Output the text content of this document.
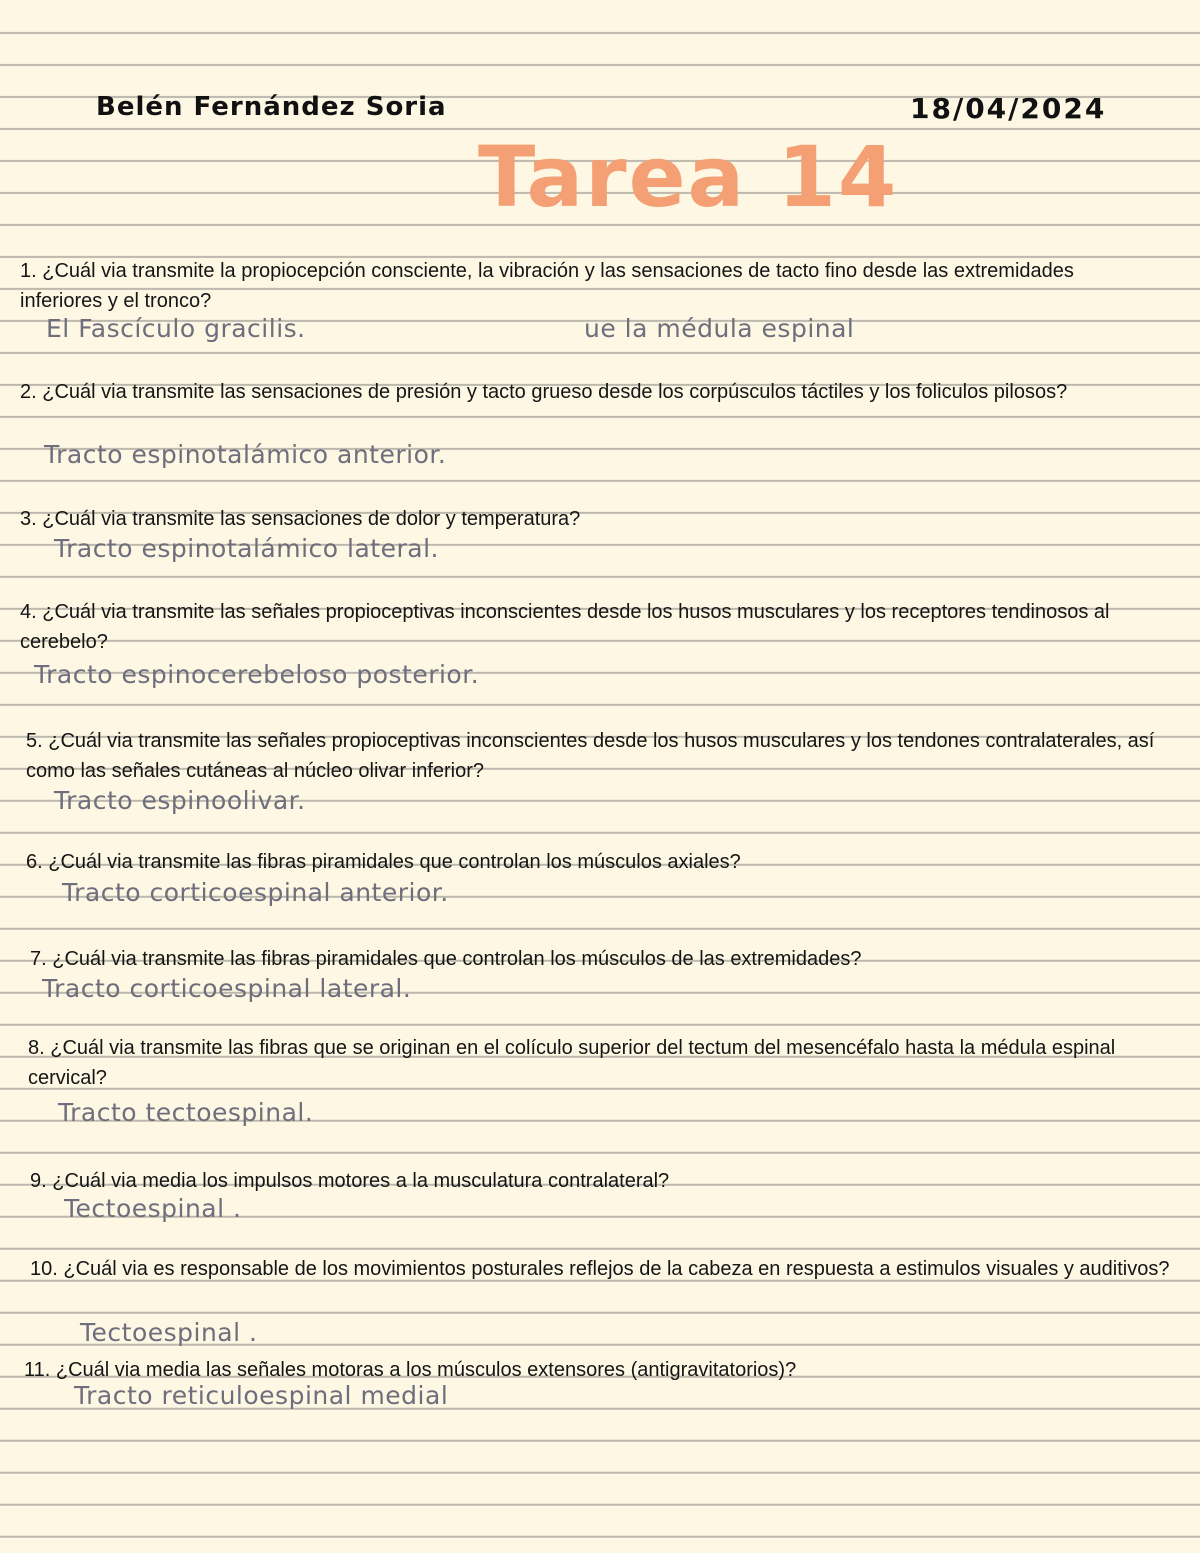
Belén Fernández Soria	18/04/2024
Tarea 14

1. ¿Cuál via transmite la propiocepción consciente, la vibración y las sensaciones de tacto fino desde las extremidades inferiores y el tronco?

El Fascículo gracilis.	ue la médula espinal

2. ¿Cuál via transmite las sensaciones de presión y tacto grueso desde los corpúsculos táctiles y los foliculos pilosos?

Tracto espinotalámico anterior.

3. ¿Cuál via transmite las sensaciones de dolor y temperatura?

Tracto espinotalámico lateral.

4. ¿Cuál via transmite las señales propioceptivas inconscientes desde los husos musculares y los receptores tendinosos al cerebelo?

Tracto espinocerebeloso posterior.

5. ¿Cuál via transmite las señales propioceptivas inconscientes desde los husos musculares y los tendones contralaterales, así como las señales cutáneas al núcleo olivar inferior?

Tracto espinoolivar.

6. ¿Cuál via transmite las fibras piramidales que controlan los músculos axiales?

Tracto corticoespinal anterior.

7. ¿Cuál via transmite las fibras piramidales que controlan los músculos de las extremidades?

Tracto corticoespinal lateral.

8. ¿Cuál via transmite las fibras que se originan en el colículo superior del tectum del mesencéfalo hasta la médula espinal cervical?

Tracto tectoespinal.

9. ¿Cuál via media los impulsos motores a la musculatura contralateral?

Tectoespinal .

10. ¿Cuál via es responsable de los movimientos posturales reflejos de la cabeza en respuesta a estimulos visuales y auditivos?

Tectoespinal .

11. ¿Cuál via media las señales motoras a los músculos extensores (antigravitatorios)?

Tracto reticuloespinal medial
